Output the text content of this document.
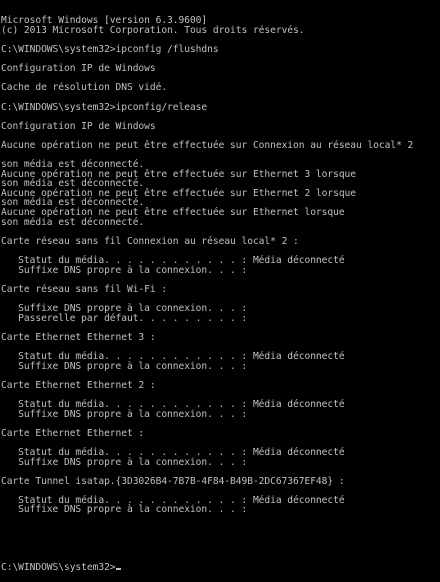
Microsoft Windows [version 6.3.9600]
(c) 2013 Microsoft Corporation. Tous droits réservés.
C:\WINDOWS\system32>ipconfig /flushdns
Configuration IP de Windows
Cache de résolution DNS vidé.
C:\WINDOWS\system32>ipconfig/release
Configuration IP de Windows
Aucune opération ne peut être effectuée sur Connexion au réseau local* 2
son média est déconnecté.
Aucune opération ne peut être effectuée sur Ethernet 3 lorsque
son média est déconnecté.
Aucune opération ne peut être effectuée sur Ethernet 2 lorsque
son média est déconnecté.
Aucune opération ne peut être effectuée sur Ethernet lorsque
son média est déconnecté.
Carte réseau sans fil Connexion au réseau local* 2 :
Statut du média. . . . . . . . . . . . : Média déconnecté
Suffixe DNS propre à la connexion. . . :
Carte réseau sans fil Wi-Fi :
Suffixe DNS propre à la connexion. . . :
Passerelle par défaut. . . . . . . . . :
Carte Ethernet Ethernet 3 :
Statut du média. . . . . . . . . . . . : Média déconnecté
Suffixe DNS propre à la connexion. . . :
Carte Ethernet Ethernet 2 :
Statut du média. . . . . . . . . . . . : Média déconnecté
Suffixe DNS propre à la connexion. . . :
Carte Ethernet Ethernet :
Statut du média. . . . . . . . . . . . : Média déconnecté
Suffixe DNS propre à la connexion. . . :
Carte Tunnel isatap.{3D3026B4-7B7B-4F84-B49B-2DC67367EF48} :
Statut du média. . . . . . . . . . . . : Média déconnecté
Suffixe DNS propre à la connexion. . . :

C:\WINDOWS\system32>
